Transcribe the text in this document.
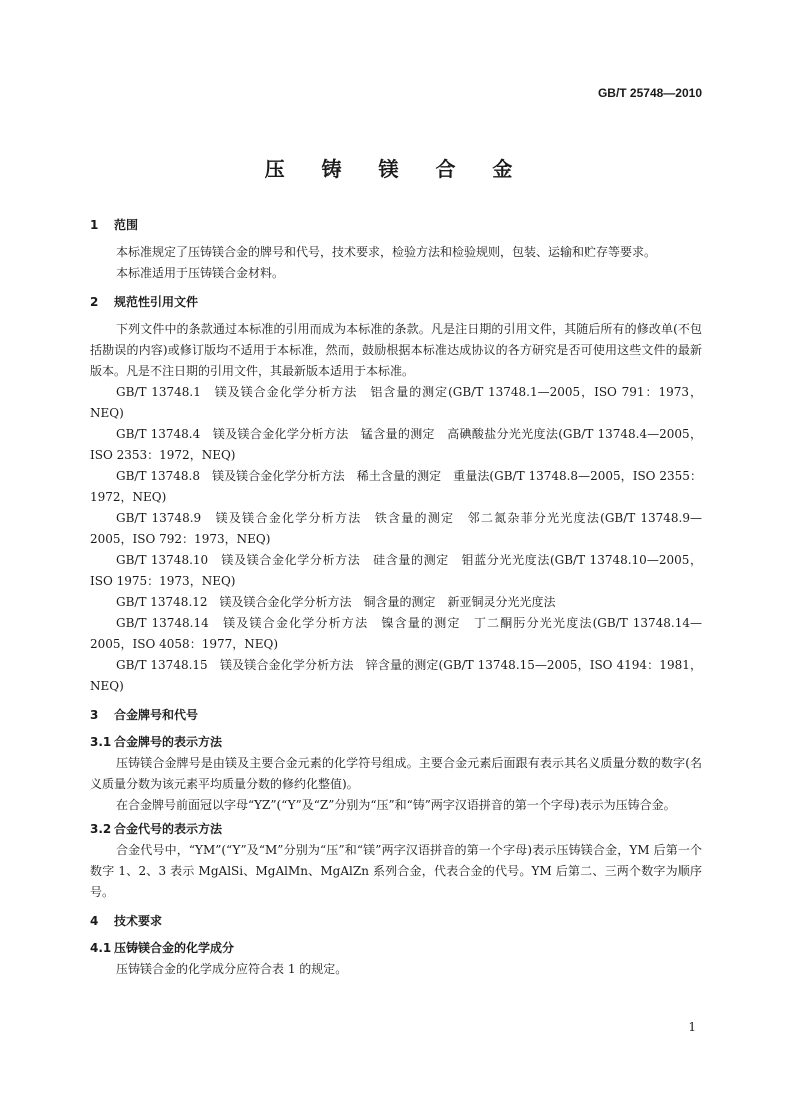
GB/T 25748—2010
压 铸 镁 合 金
1 范围

本标准规定了压铸镁合金的牌号和代号，技术要求，检验方法和检验规则，包装、运输和贮存等要求。

本标准适用于压铸镁合金材料。

2 规范性引用文件

下列文件中的条款通过本标准的引用而成为本标准的条款。凡是注日期的引用文件，其随后所有的修改单(不包括勘误的内容)或修订版均不适用于本标准，然而，鼓励根据本标准达成协议的各方研究是否可使用这些文件的最新版本。凡是不注日期的引用文件，其最新版本适用于本标准。

GB/T 13748.1　镁及镁合金化学分析方法　铝含量的测定(GB/T 13748.1—2005，ISO 791：1973，NEQ)

GB/T 13748.4　镁及镁合金化学分析方法　锰含量的测定　高碘酸盐分光光度法(GB/T 13748.4—2005，ISO 2353：1972，NEQ)

GB/T 13748.8　镁及镁合金化学分析方法　稀土含量的测定　重量法(GB/T 13748.8—2005，ISO 2355：1972，NEQ)

GB/T 13748.9　镁及镁合金化学分析方法　铁含量的测定　邻二氮杂菲分光光度法(GB/T 13748.9—2005，ISO 792：1973，NEQ)

GB/T 13748.10　镁及镁合金化学分析方法　硅含量的测定　钼蓝分光光度法(GB/T 13748.10—2005，ISO 1975：1973，NEQ)

GB/T 13748.12　镁及镁合金化学分析方法　铜含量的测定　新亚铜灵分光光度法

GB/T 13748.14　镁及镁合金化学分析方法　镍含量的测定　丁二酮肟分光光度法(GB/T 13748.14—2005，ISO 4058：1977，NEQ)

GB/T 13748.15　镁及镁合金化学分析方法　锌含量的测定(GB/T 13748.15—2005，ISO 4194：1981，NEQ)

3 合金牌号和代号
3.1 合金牌号的表示方法

压铸镁合金牌号是由镁及主要合金元素的化学符号组成。主要合金元素后面跟有表示其名义质量分数的数字(名义质量分数为该元素平均质量分数的修约化整值)。

在合金牌号前面冠以字母“YZ”(“Y”及“Z”分别为“压”和“铸”两字汉语拼音的第一个字母)表示为压铸合金。

3.2 合金代号的表示方法

合金代号中，“YM”(“Y”及“M”分别为“压”和“镁”两字汉语拼音的第一个字母)表示压铸镁合金，YM 后第一个数字 1、2、3 表示 MgAlSi、MgAlMn、MgAlZn 系列合金，代表合金的代号。YM 后第二、三两个数字为顺序号。

4 技术要求
4.1 压铸镁合金的化学成分

压铸镁合金的化学成分应符合表 1 的规定。

1
